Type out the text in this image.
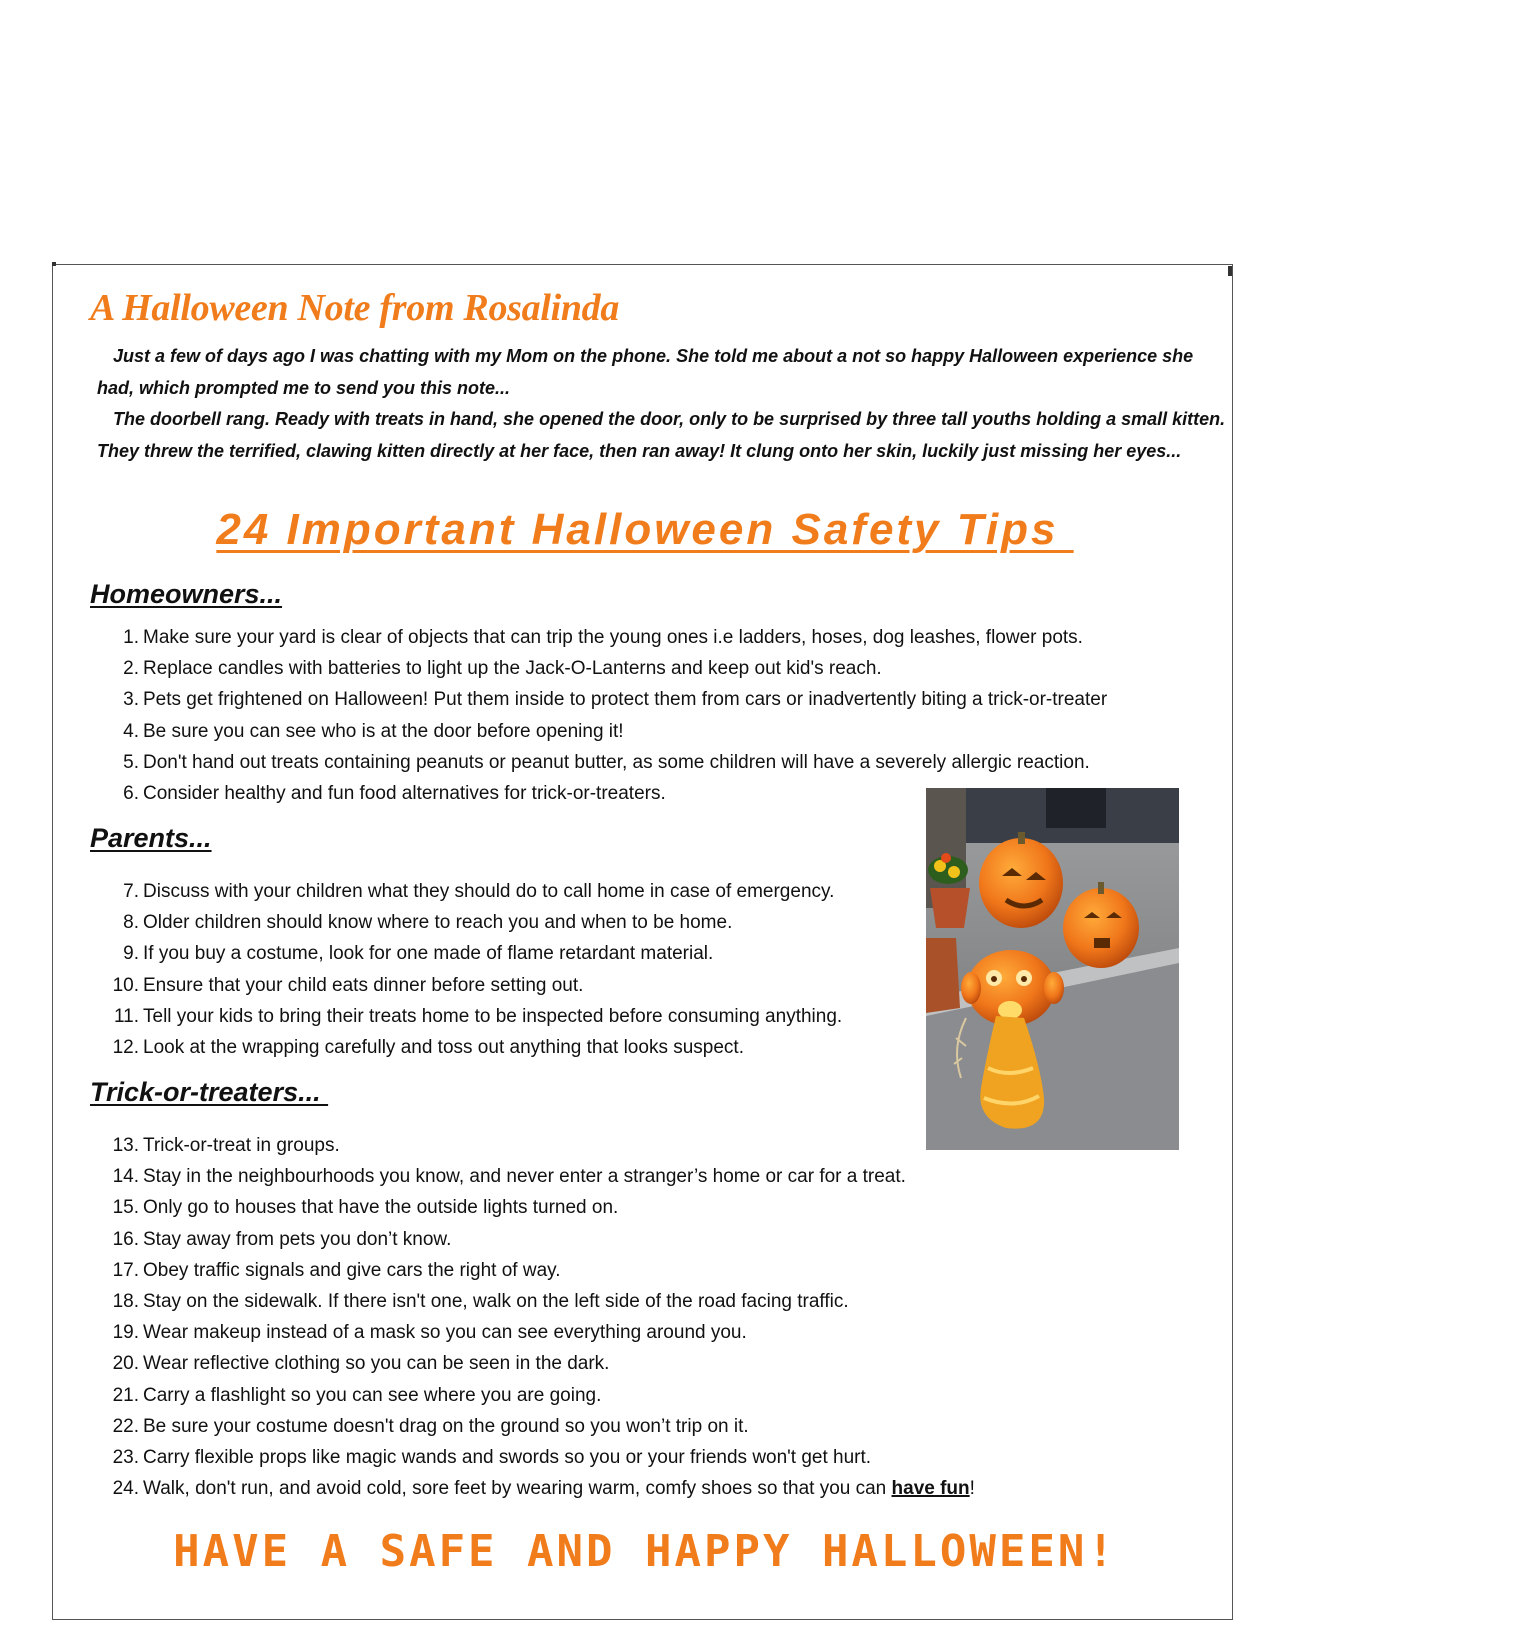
A Halloween Note from Rosalinda

Just a few of days ago I was chatting with my Mom on the phone. She told me about a not so happy Halloween experience she had, which prompted me to send you this note...

The doorbell rang. Ready with treats in hand, she opened the door, only to be surprised by three tall youths holding a small kitten. They threw the terrified, clawing kitten directly at her face, then ran away! It clung onto her skin, luckily just missing her eyes...

24 Important Halloween Safety Tips
Homeowners...
1. Make sure your yard is clear of objects that can trip the young ones i.e ladders, hoses, dog leashes, flower pots.
2. Replace candles with batteries to light up the Jack-O-Lanterns and keep out kid's reach.
3. Pets get frightened on Halloween! Put them inside to protect them from cars or inadvertently biting a trick-or-treater
4. Be sure you can see who is at the door before opening it!
5. Don't hand out treats containing peanuts or peanut butter, as some children will have a severely allergic reaction.
6. Consider healthy and fun food alternatives for trick-or-treaters.
Parents...
7. Discuss with your children what they should do to call home in case of emergency.
8. Older children should know where to reach you and when to be home.
9. If you buy a costume, look for one made of flame retardant material.
10. Ensure that your child eats dinner before setting out.
11. Tell your kids to bring their treats home to be inspected before consuming anything.
12. Look at the wrapping carefully and toss out anything that looks suspect.
Trick-or-treaters...
13. Trick-or-treat in groups.
14. Stay in the neighbourhoods you know, and never enter a stranger’s home or car for a treat.
15. Only go to houses that have the outside lights turned on.
16. Stay away from pets you don’t know.
17. Obey traffic signals and give cars the right of way.
18. Stay on the sidewalk. If there isn't one, walk on the left side of the road facing traffic.
19. Wear makeup instead of a mask so you can see everything around you.
20. Wear reflective clothing so you can be seen in the dark.
21. Carry a flashlight so you can see where you are going.
22. Be sure your costume doesn't drag on the ground so you won’t trip on it.
23. Carry flexible props like magic wands and swords so you or your friends won't get hurt.
24. Walk, don't run, and avoid cold, sore feet by wearing warm, comfy shoes so that you can have fun!
HAVE A SAFE AND HAPPY HALLOWEEN!
